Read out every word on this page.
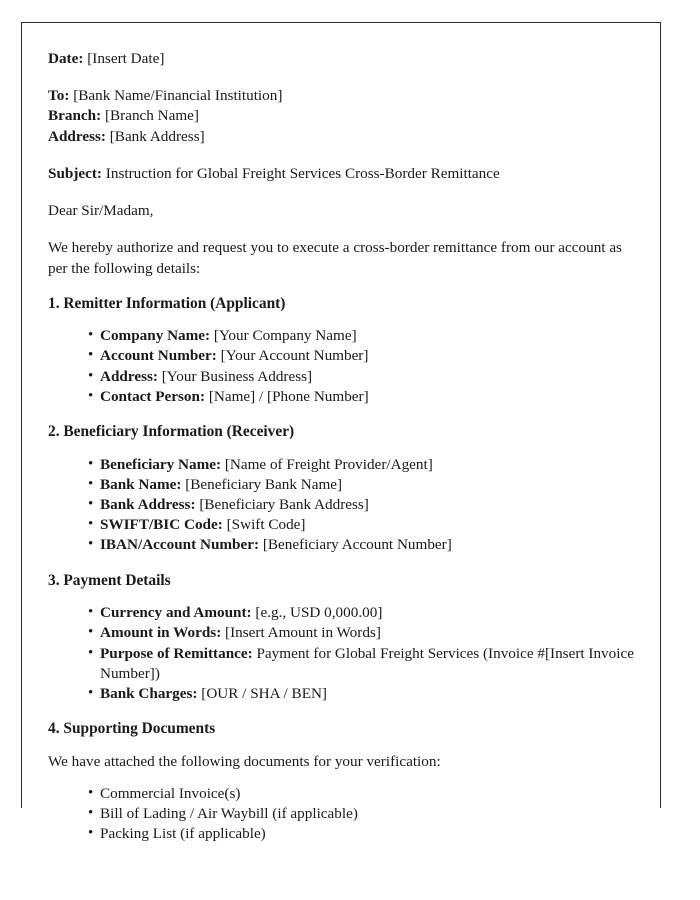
Date: [Insert Date]

To: [Bank Name/Financial Institution]

Branch: [Branch Name]

Address: [Bank Address]

Subject: Instruction for Global Freight Services Cross-Border Remittance

Dear Sir/Madam,

We hereby authorize and request you to execute a cross-border remittance from our account as per the following details:

1. Remitter Information (Applicant)
• Company Name: [Your Company Name]
• Account Number: [Your Account Number]
• Address: [Your Business Address]
• Contact Person: [Name] / [Phone Number]
2. Beneficiary Information (Receiver)
• Beneficiary Name: [Name of Freight Provider/Agent]
• Bank Name: [Beneficiary Bank Name]
• Bank Address: [Beneficiary Bank Address]
• SWIFT/BIC Code: [Swift Code]
• IBAN/Account Number: [Beneficiary Account Number]
3. Payment Details
• Currency and Amount: [e.g., USD 0,000.00]
• Amount in Words: [Insert Amount in Words]
• Purpose of Remittance: Payment for Global Freight Services (Invoice #[Insert Invoice Number])
• Bank Charges: [OUR / SHA / BEN]
4. Supporting Documents

We have attached the following documents for your verification:

• Commercial Invoice(s)
• Bill of Lading / Air Waybill (if applicable)
• Packing List (if applicable)
